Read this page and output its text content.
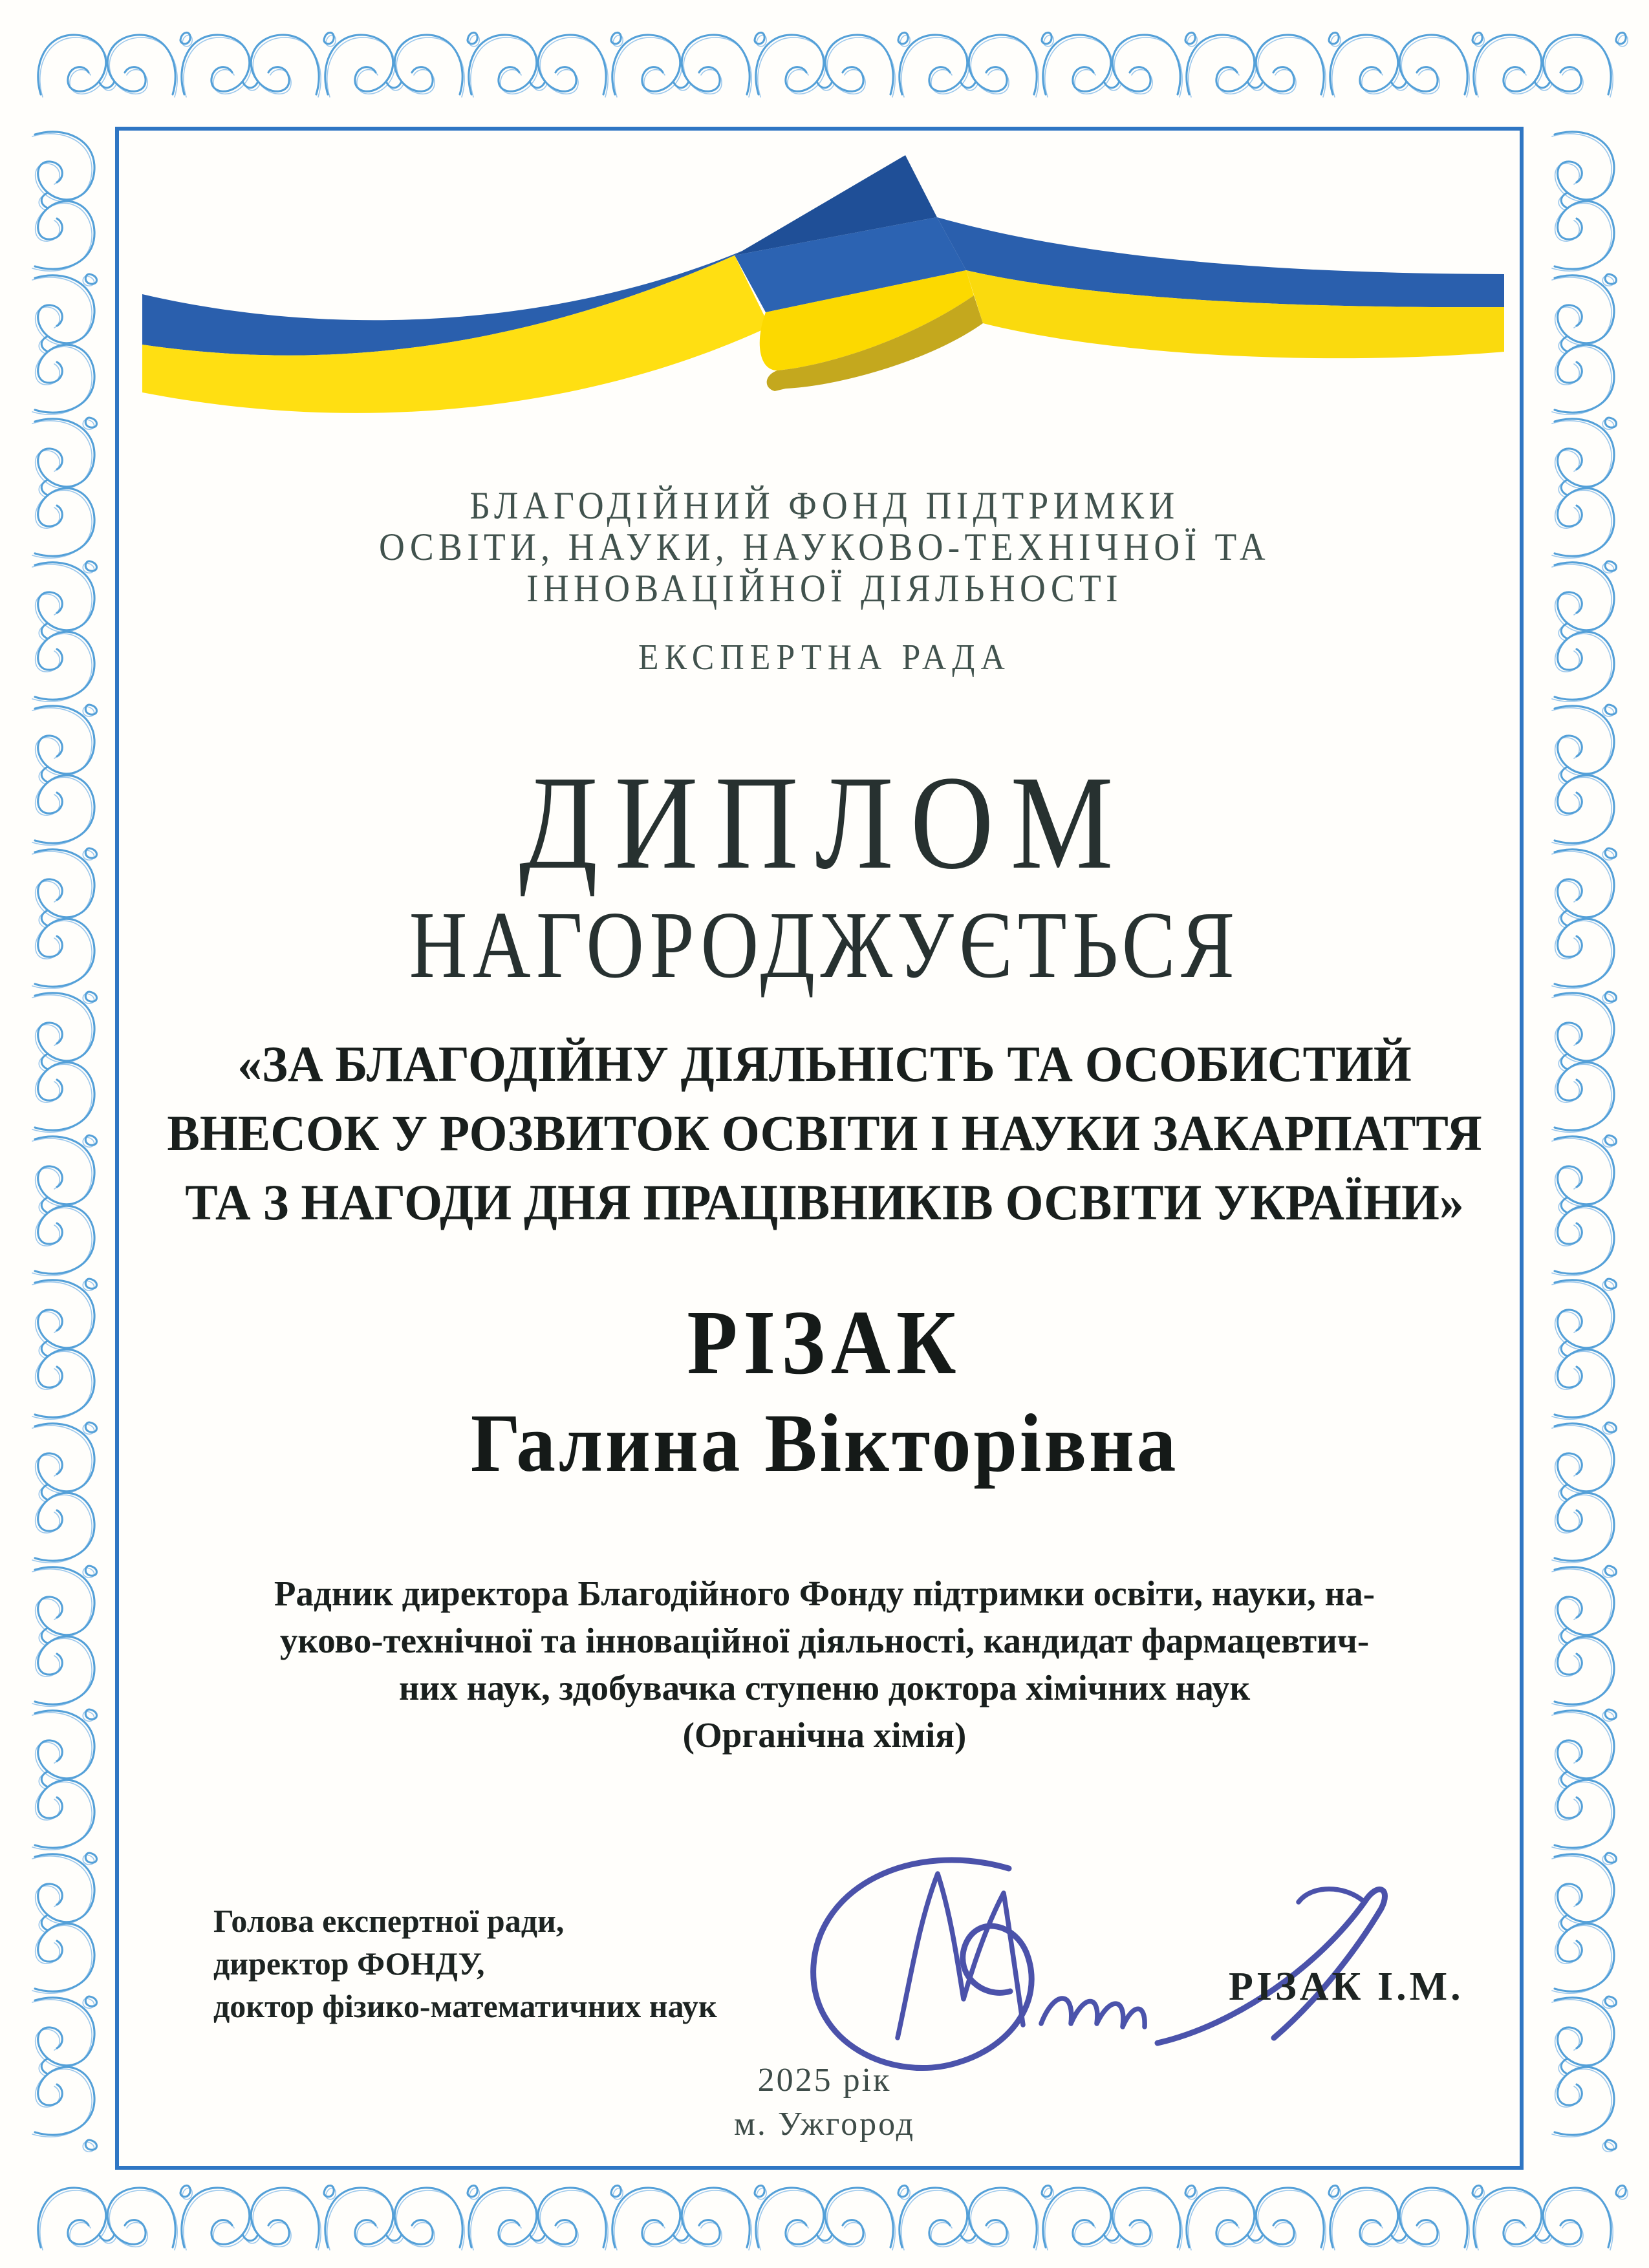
БЛАГОДІЙНИЙ ФОНД ПІДТРИМКИ
ОСВІТИ, НАУКИ, НАУКОВО-ТЕХНІЧНОЇ ТА
ІННОВАЦІЙНОЇ ДІЯЛЬНОСТІ
ЕКСПЕРТНА РАДА
ДИПЛОМ
НАГОРОДЖУЄТЬСЯ
«ЗА БЛАГОДІЙНУ ДІЯЛЬНІСТЬ ТА ОСОБИСТИЙ
ВНЕСОК У РОЗВИТОК ОСВІТИ І НАУКИ ЗАКАРПАТТЯ
ТА З НАГОДИ ДНЯ ПРАЦІВНИКІВ ОСВІТИ УКРАЇНИ»
РІЗАК
Галина Вікторівна
Радник директора Благодійного Фонду підтримки освіти, науки, на-
уково-технічної та інноваційної діяльності, кандидат фармацевтич-
них наук, здобувачка ступеню доктора хімічних наук
(Органічна хімія)
Голова експертної ради,
директор ФОНДУ,
доктор фізико-математичних наук	РІЗАК І.М.
2025 рік
м. Ужгород
